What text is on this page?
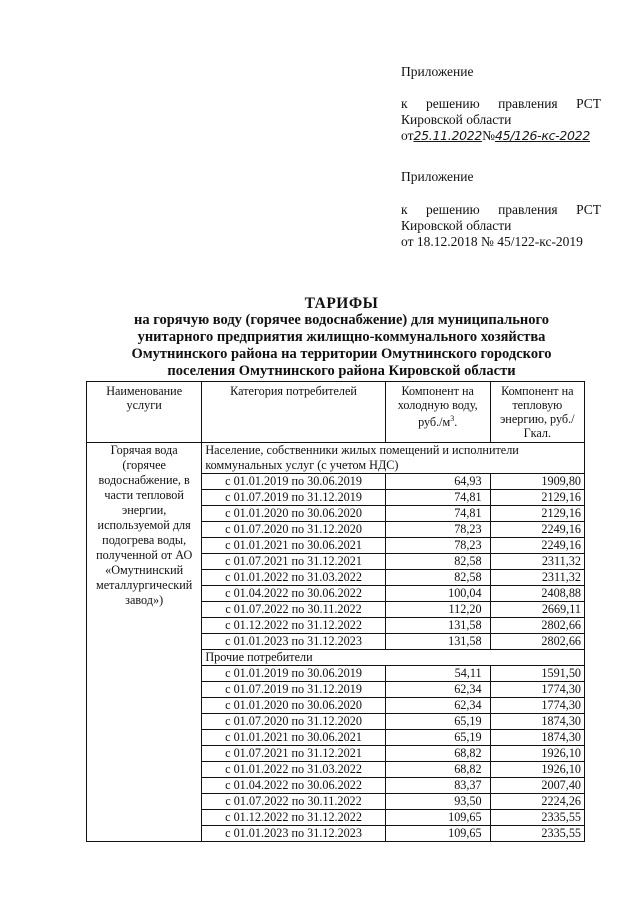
Приложение
к решению правления РСТ
Кировской области
от25.11.2022№45/126-кс-2022
Приложение
к решению правления РСТ
Кировской области
от 18.12.2018 № 45/122-кс-2019
ТАРИФЫ
на горячую воду (горячее водоснабжение) для муниципального
унитарного предприятия жилищно-коммунального хозяйства
Омутнинского района на территории Омутнинского городского
поселения Омутнинского района Кировской области
Наименование услуги	Категория потребителей	Компонент на холодную воду, $руб./м^3$.	Компонент на тепловую энергию, руб./Гкал.
Горячая вода (горячее водоснабжение, в части тепловой энергии, используемой для подогрева воды, полученной от АО «Омутнинский металлургический завод»)	Население, собственники жилых помещений и исполнители коммунальных услуг (с учетом НДС)		
	с 01.01.2019 по 30.06.2019	64,93	1909,80
	с 01.07.2019 по 31.12.2019	74,81	2129,16
	с 01.01.2020 по 30.06.2020	74,81	2129,16
	с 01.07.2020 по 31.12.2020	78,23	2249,16
	с 01.01.2021 по 30.06.2021	78,23	2249,16
	с 01.07.2021 по 31.12.2021	82,58	2311,32
	с 01.01.2022 по 31.03.2022	82,58	2311,32
	с 01.04.2022 по 30.06.2022	100,04	2408,88
	с 01.07.2022 по 30.11.2022	112,20	2669,11
	с 01.12.2022 по 31.12.2022	131,58	2802,66
	с 01.01.2023 по 31.12.2023	131,58	2802,66
	Прочие потребители		
	с 01.01.2019 по 30.06.2019	54,11	1591,50
	с 01.07.2019 по 31.12.2019	62,34	1774,30
	с 01.01.2020 по 30.06.2020	62,34	1774,30
	с 01.07.2020 по 31.12.2020	65,19	1874,30
	с 01.01.2021 по 30.06.2021	65,19	1874,30
	с 01.07.2021 по 31.12.2021	68,82	1926,10
	с 01.01.2022 по 31.03.2022	68,82	1926,10
	с 01.04.2022 по 30.06.2022	83,37	2007,40
	с 01.07.2022 по 30.11.2022	93,50	2224,26
	с 01.12.2022 по 31.12.2022	109,65	2335,55
	с 01.01.2023 по 31.12.2023	109,65	2335,55
